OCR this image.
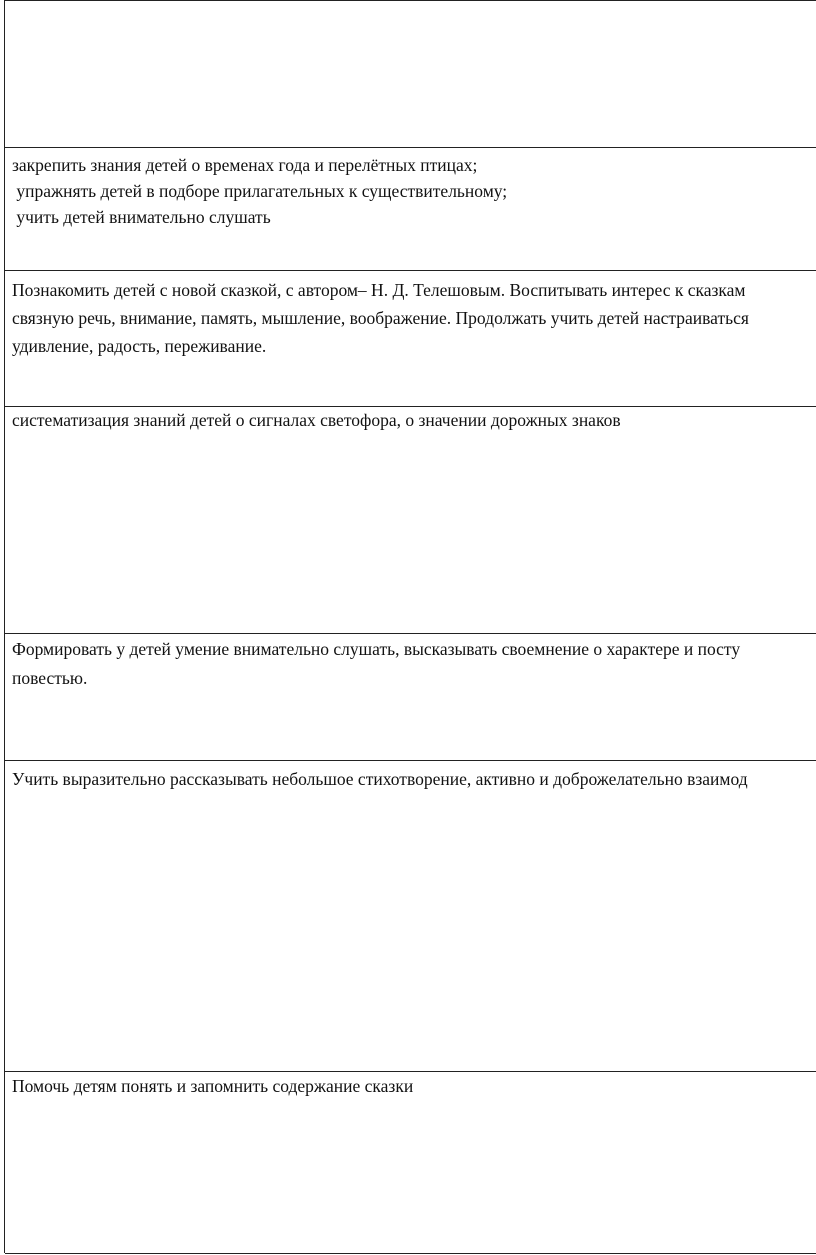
закрепить знания детей о временах года и перелётных птицах;
упражнять детей в подборе прилагательных к существительному;
учить детей внимательно слушать
Познакомить детей с новой сказкой, с автором– Н. Д. Телешовым. Воспитывать интерес к сказкам
связную речь, внимание, память, мышление, воображение. Продолжать учить детей настраиваться
удивление, радость, переживание.
систематизация знаний детей о сигналах светофора, о значении дорожных знаков
Формировать у детей умение внимательно слушать, высказывать своемнение о характере и посту
повестью.
Учить выразительно рассказывать небольшое стихотворение, активно и доброжелательно взаимод
Помочь детям понять и запомнить содержание сказки
